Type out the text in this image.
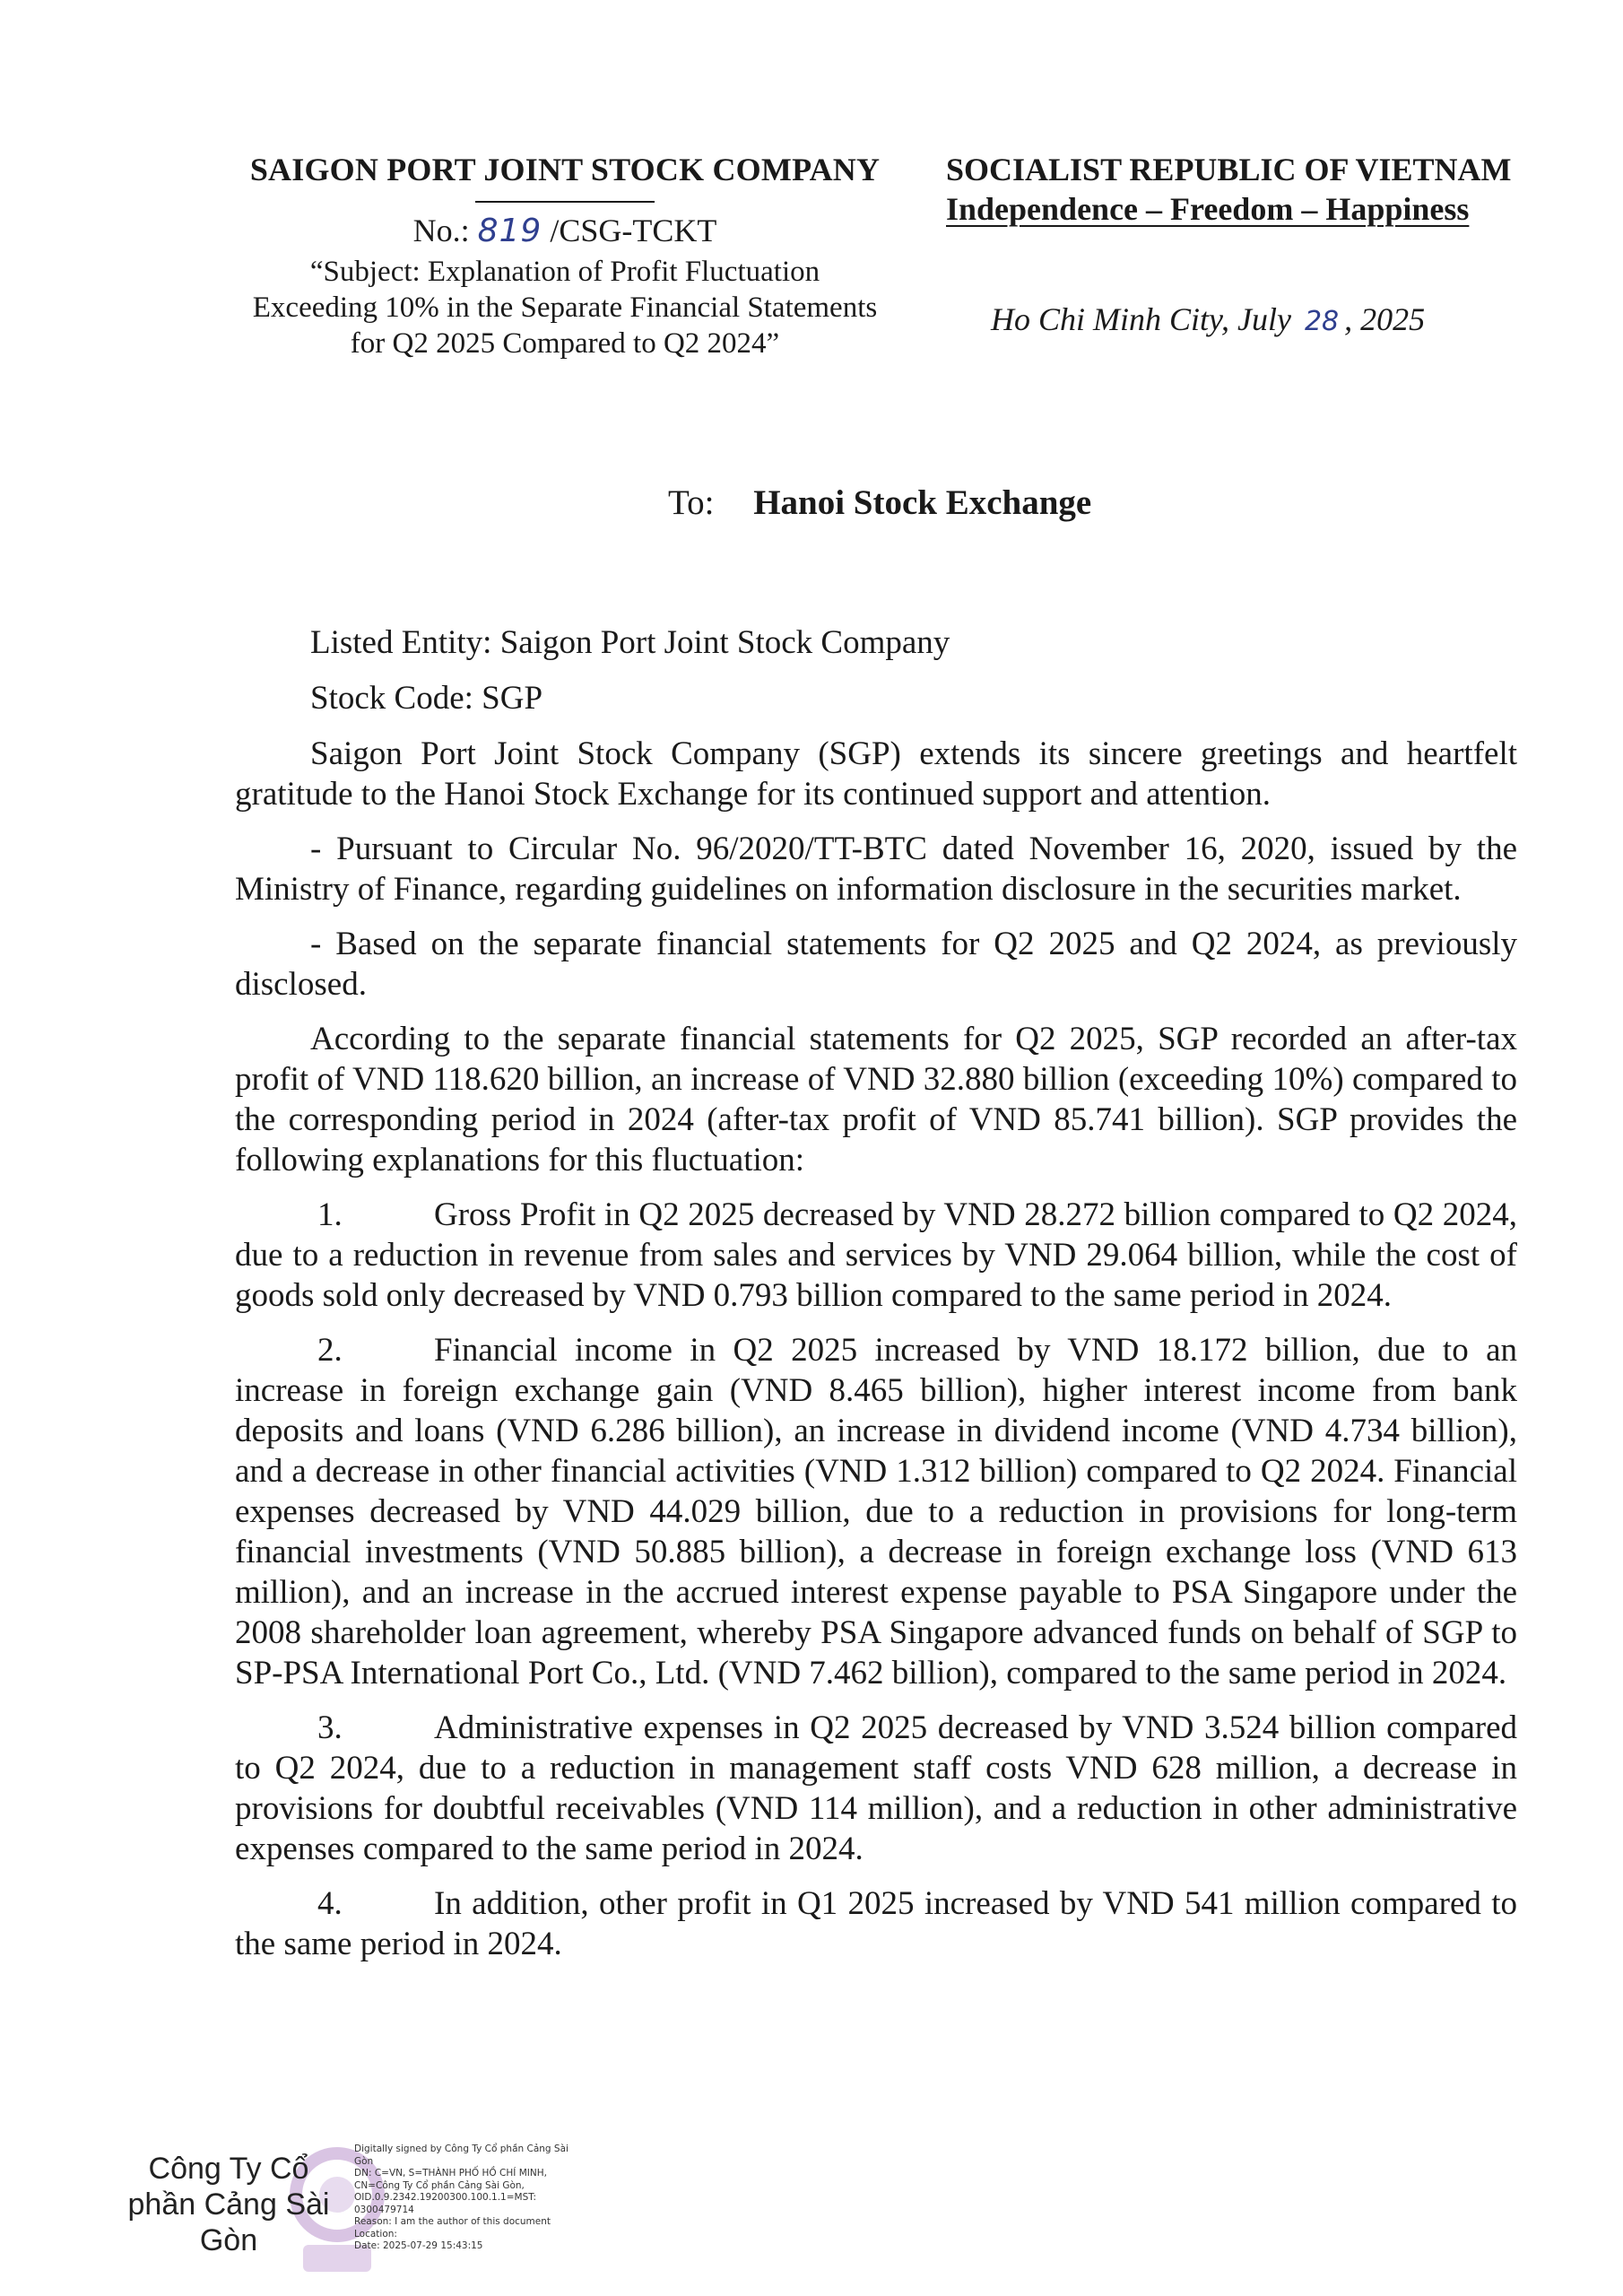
SAIGON PORT JOINT STOCK COMPANY
No.: 819 /CSG-TCKT
“Subject: Explanation of Profit Fluctuation
Exceeding 10% in the Separate Financial Statements
for Q2 2025 Compared to Q2 2024”
SOCIALIST REPUBLIC OF VIETNAM
Independence – Freedom – Happiness
Ho Chi Minh City, July 28 , 2025
To: Hanoi Stock Exchange

Listed Entity: Saigon Port Joint Stock Company

Stock Code: SGP

Saigon Port Joint Stock Company (SGP) extends its sincere greetings and heartfelt gratitude to the Hanoi Stock Exchange for its continued support and attention.

- Pursuant to Circular No. 96/2020/TT-BTC dated November 16, 2020, issued by the Ministry of Finance, regarding guidelines on information disclosure in the securities market.

- Based on the separate financial statements for Q2 2025 and Q2 2024, as previously disclosed.

According to the separate financial statements for Q2 2025, SGP recorded an after-tax profit of VND 118.620 billion, an increase of VND 32.880 billion (exceeding 10%) compared to the corresponding period in 2024 (after-tax profit of VND 85.741 billion). SGP provides the following explanations for this fluctuation:

1.	Gross Profit in Q2 2025 decreased by VND 28.272 billion compared to Q2 2024, due to a reduction in revenue from sales and services by VND 29.064 billion, while the cost of goods sold only decreased by VND 0.793 billion compared to the same period in 2024.

2.	Financial income in Q2 2025 increased by VND 18.172 billion, due to an increase in foreign exchange gain (VND 8.465 billion), higher interest income from bank deposits and loans (VND 6.286 billion), an increase in dividend income (VND 4.734 billion), and a decrease in other financial activities (VND 1.312 billion) compared to Q2 2024. Financial expenses decreased by VND 44.029 billion, due to a reduction in provisions for long-term financial investments (VND 50.885 billion), a decrease in foreign exchange loss (VND 613 million), and an increase in the accrued interest expense payable to PSA Singapore under the 2008 shareholder loan agreement, whereby PSA Singapore advanced funds on behalf of SGP to SP-PSA International Port Co., Ltd. (VND 7.462 billion), compared to the same period in 2024.

3.	Administrative expenses in Q2 2025 decreased by VND 3.524 billion compared to Q2 2024, due to a reduction in management staff costs VND 628 million, a decrease in provisions for doubtful receivables (VND 114 million), and a reduction in other administrative expenses compared to the same period in 2024.

4.	In addition, other profit in Q1 2025 increased by VND 541 million compared to the same period in 2024.

Công Ty Cổ
phần Cảng Sài
Gòn
Digitally signed by Công Ty Cổ phần Cảng Sài
Gòn
DN: C=VN, S=THÀNH PHỐ HỒ CHÍ MINH,
CN=Công Ty Cổ phần Cảng Sài Gòn,
OID.0.9.2342.19200300.100.1.1=MST:
0300479714
Reason: I am the author of this document
Location:
Date: 2025-07-29 15:43:15
